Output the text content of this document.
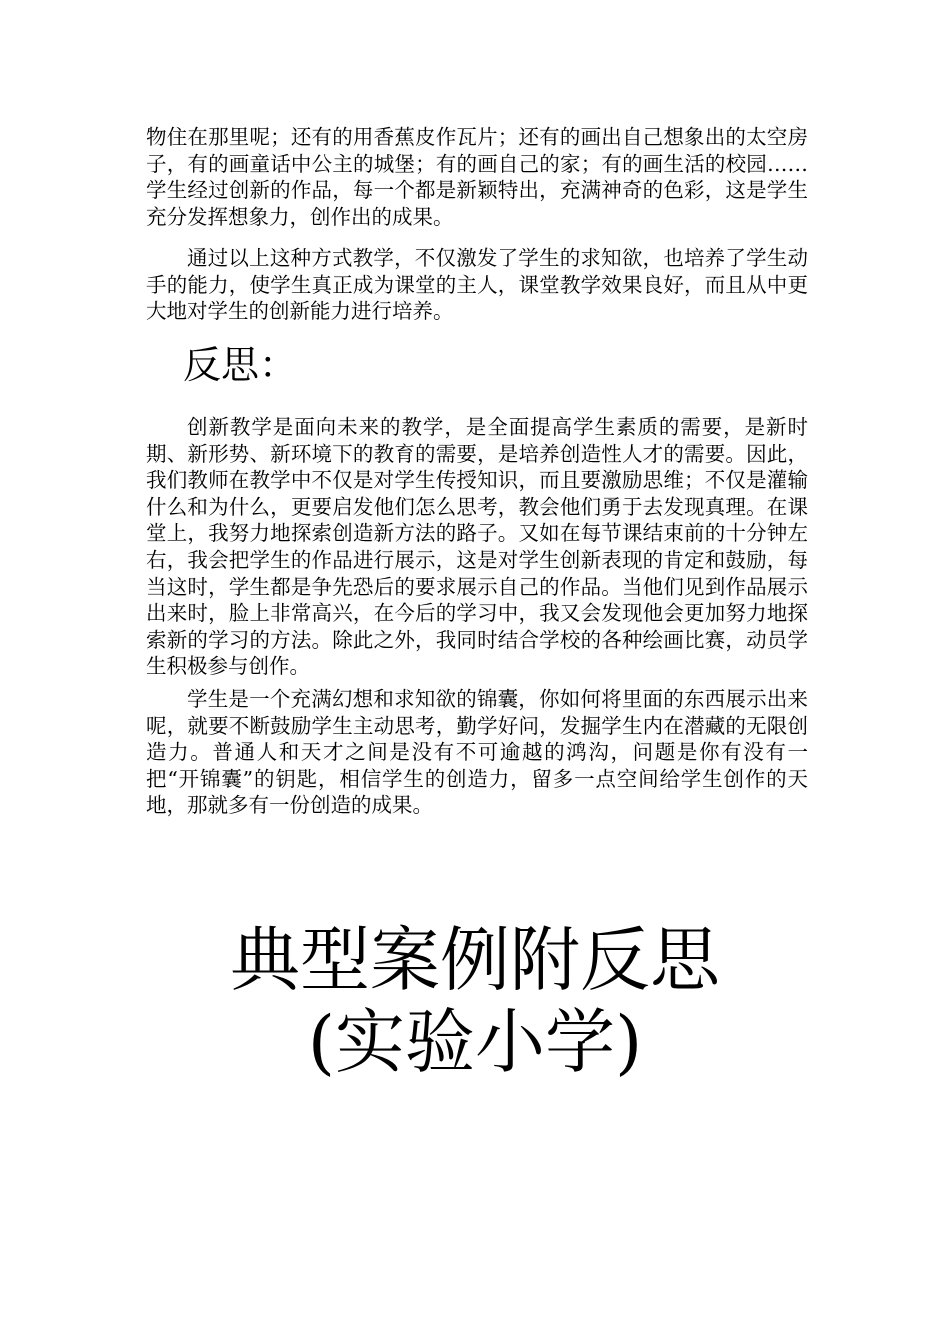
物住在那里呢；还有的用香蕉皮作瓦片；还有的画出自己想象出的太空房子，有的画童话中公主的城堡；有的画自己的家；有的画生活的校园……学生经过创新的作品，每一个都是新颖特出，充满神奇的色彩，这是学生充分发挥想象力，创作出的成果。

通过以上这种方式教学，不仅激发了学生的求知欲，也培养了学生动手的能力，使学生真正成为课堂的主人，课堂教学效果良好，而且从中更大地对学生的创新能力进行培养。

反思：

创新教学是面向未来的教学，是全面提高学生素质的需要，是新时期、新形势、新环境下的教育的需要，是培养创造性人才的需要。因此，我们教师在教学中不仅是对学生传授知识，而且要激励思维；不仅是灌输什么和为什么，更要启发他们怎么思考，教会他们勇于去发现真理。在课堂上，我努力地探索创造新方法的路子。又如在每节课结束前的十分钟左右，我会把学生的作品进行展示，这是对学生创新表现的肯定和鼓励，每当这时，学生都是争先恐后的要求展示自己的作品。当他们见到作品展示出来时，脸上非常高兴，在今后的学习中，我又会发现他会更加努力地探索新的学习的方法。除此之外，我同时结合学校的各种绘画比赛，动员学生积极参与创作。

学生是一个充满幻想和求知欲的锦囊，你如何将里面的东西展示出来呢，就要不断鼓励学生主动思考，勤学好问，发掘学生内在潜藏的无限创造力。普通人和天才之间是没有不可逾越的鸿沟，问题是你有没有一把“开锦囊”的钥匙，相信学生的创造力，留多一点空间给学生创作的天地，那就多有一份创造的成果。

典型案例附反思
(实验小学)
